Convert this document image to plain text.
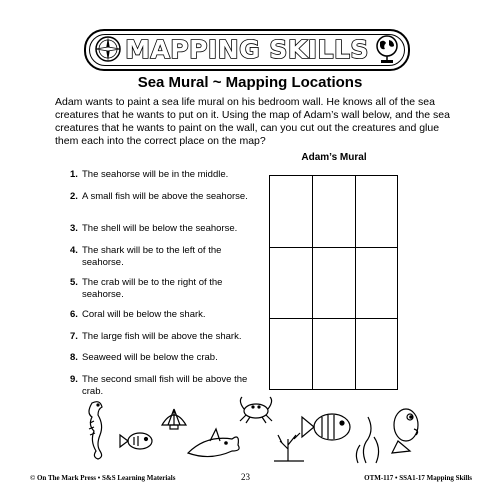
MAPPING SKILLS
Sea Mural ~ Mapping Locations
Adam wants to paint a sea life mural on his bedroom wall. He knows all of the sea creatures that he wants to put on it. Using the map of Adam’s wall below, and the sea creatures that he wants to paint on the wall, can you cut out the creatures and glue them each into the correct place on the map?
Adam’s Mural
1. The seahorse will be in the middle.
2. A small fish will be above the seahorse.
3. The shell will be below the seahorse.
4. The shark will be to the left of the seahorse.
5. The crab will be to the right of the seahorse.
6. Coral will be below the shark.
7. The large fish will be above the shark.
8. Seaweed will be below the crab.
9. The second small fish will be above the crab.
© On The Mark Press • S&S Learning Materials	23	OTM-117 • SSA1-17 Mapping Skills
